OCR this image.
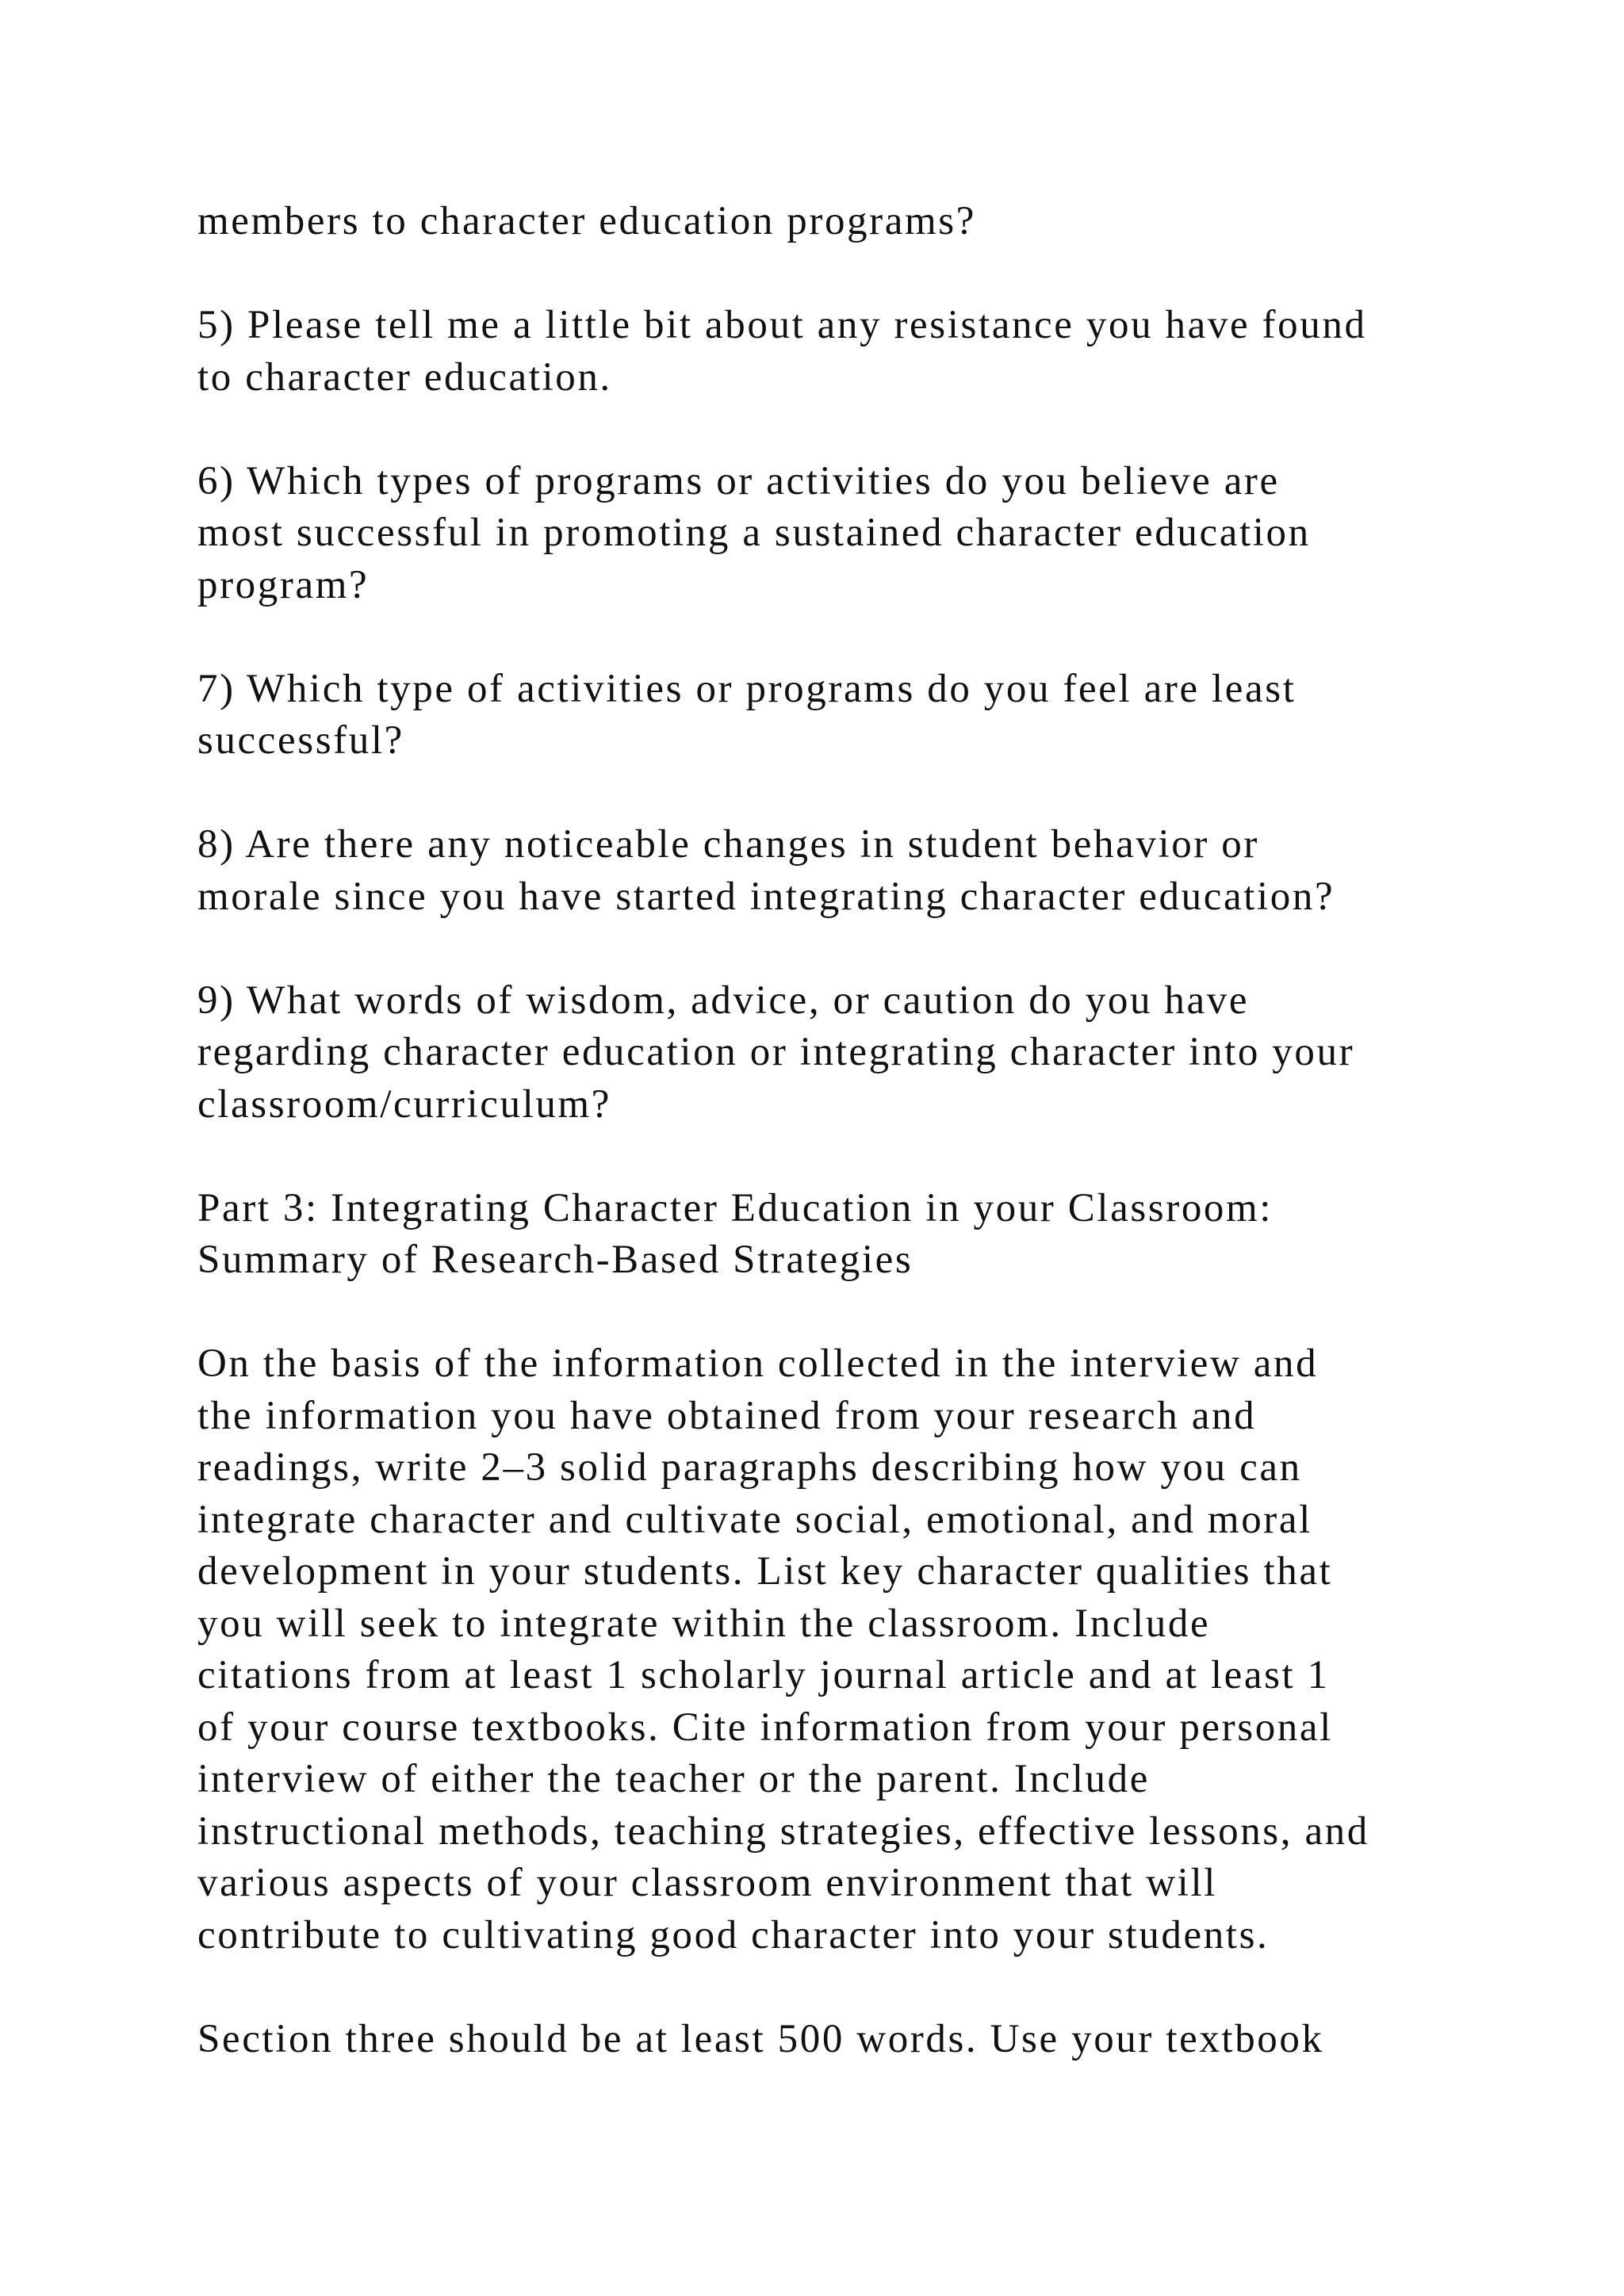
members to character education programs?
5) Please tell me a little bit about any resistance you have found
to character education.
6) Which types of programs or activities do you believe are
most successful in promoting a sustained character education
program?
7) Which type of activities or programs do you feel are least
successful?
8) Are there any noticeable changes in student behavior or
morale since you have started integrating character education?
9) What words of wisdom, advice, or caution do you have
regarding character education or integrating character into your
classroom/curriculum?
Part 3: Integrating Character Education in your Classroom:
Summary of Research-Based Strategies
On the basis of the information collected in the interview and
the information you have obtained from your research and
readings, write 2–3 solid paragraphs describing how you can
integrate character and cultivate social, emotional, and moral
development in your students. List key character qualities that
you will seek to integrate within the classroom. Include
citations from at least 1 scholarly journal article and at least 1
of your course textbooks. Cite information from your personal
interview of either the teacher or the parent. Include
instructional methods, teaching strategies, effective lessons, and
various aspects of your classroom environment that will
contribute to cultivating good character into your students.
Section three should be at least 500 words. Use your textbook
